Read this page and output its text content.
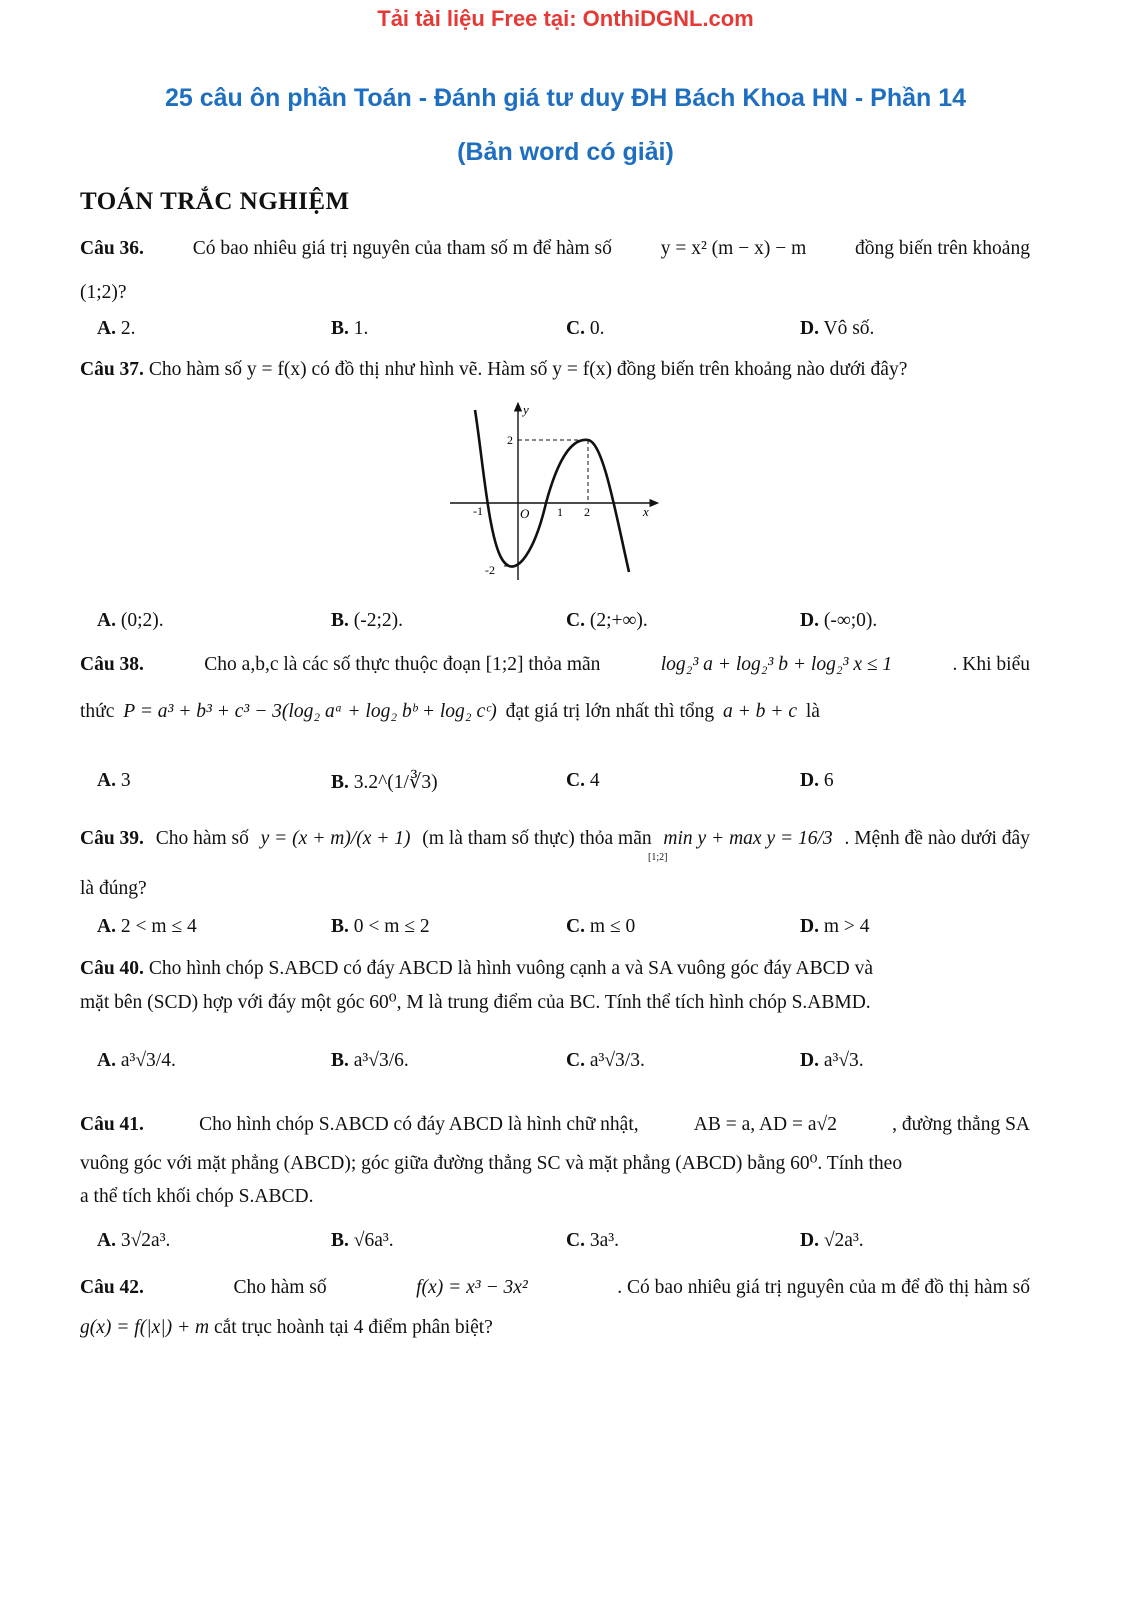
Tải tài liệu Free tại: OnthiDGNL.com
25 câu ôn phần Toán - Đánh giá tư duy ĐH Bách Khoa HN - Phần 14
(Bản word có giải)
TOÁN TRẮC NGHIỆM
Câu 36.	Có bao nhiêu giá trị nguyên của tham số m để hàm số	y = x² (m − x) − m	đồng biến trên khoảng
(1;2)?
A. 2.	B. 1.	C. 0.	D. Vô số.
Câu 37. Cho hàm số y = f(x) có đồ thị như hình vẽ. Hàm số y = f(x) đồng biến trên khoảng nào dưới đây?
y
x
O
-1	1 2
2
-2
A. (0;2).	B. (-2;2).	C. (2;+∞).	D. (-∞;0).
Câu 38.	Cho a,b,c là các số thực thuộc đoạn [1;2] thỏa mãn	log₂³ a + log₂³ b + log₂³ x ≤ 1	. Khi biểu
thức P = a³ + b³ + c³ − 3(log₂ aᵃ + log₂ bᵇ + log₂ cᶜ) đạt giá trị lớn nhất thì tổng a + b + c là
A. 3	B. 3.2^(1/∛3)	C. 4	D. 6
Câu 39. Cho hàm số y = (x + m)/(x + 1) (m là tham số thực) thỏa mãn min y + max y = 16/3 . Mệnh đề nào dưới đây
[1;2]
là đúng?
A. 2 < m ≤ 4	B. 0 < m ≤ 2	C. m ≤ 0	D. m > 4
Câu 40. Cho hình chóp S.ABCD có đáy ABCD là hình vuông cạnh a và SA vuông góc đáy ABCD và
mặt bên (SCD) hợp với đáy một góc 60⁰, M là trung điểm của BC. Tính thể tích hình chóp S.ABMD.
A. a³√3/4.	B. a³√3/6.	C. a³√3/3.	D. a³√3.
Câu 41.	Cho hình chóp S.ABCD có đáy ABCD là hình chữ nhật,	AB = a, AD = a√2	, đường thẳng SA
vuông góc với mặt phẳng (ABCD); góc giữa đường thẳng SC và mặt phẳng (ABCD) bằng 60⁰. Tính theo
a thể tích khối chóp S.ABCD.
A. 3√2a³.	B. √6a³.	C. 3a³.	D. √2a³.
Câu 42.	Cho hàm số	f(x) = x³ − 3x²	. Có bao nhiêu giá trị nguyên của m để đồ thị hàm số
g(x) = f(|x|) + m cắt trục hoành tại 4 điểm phân biệt?
